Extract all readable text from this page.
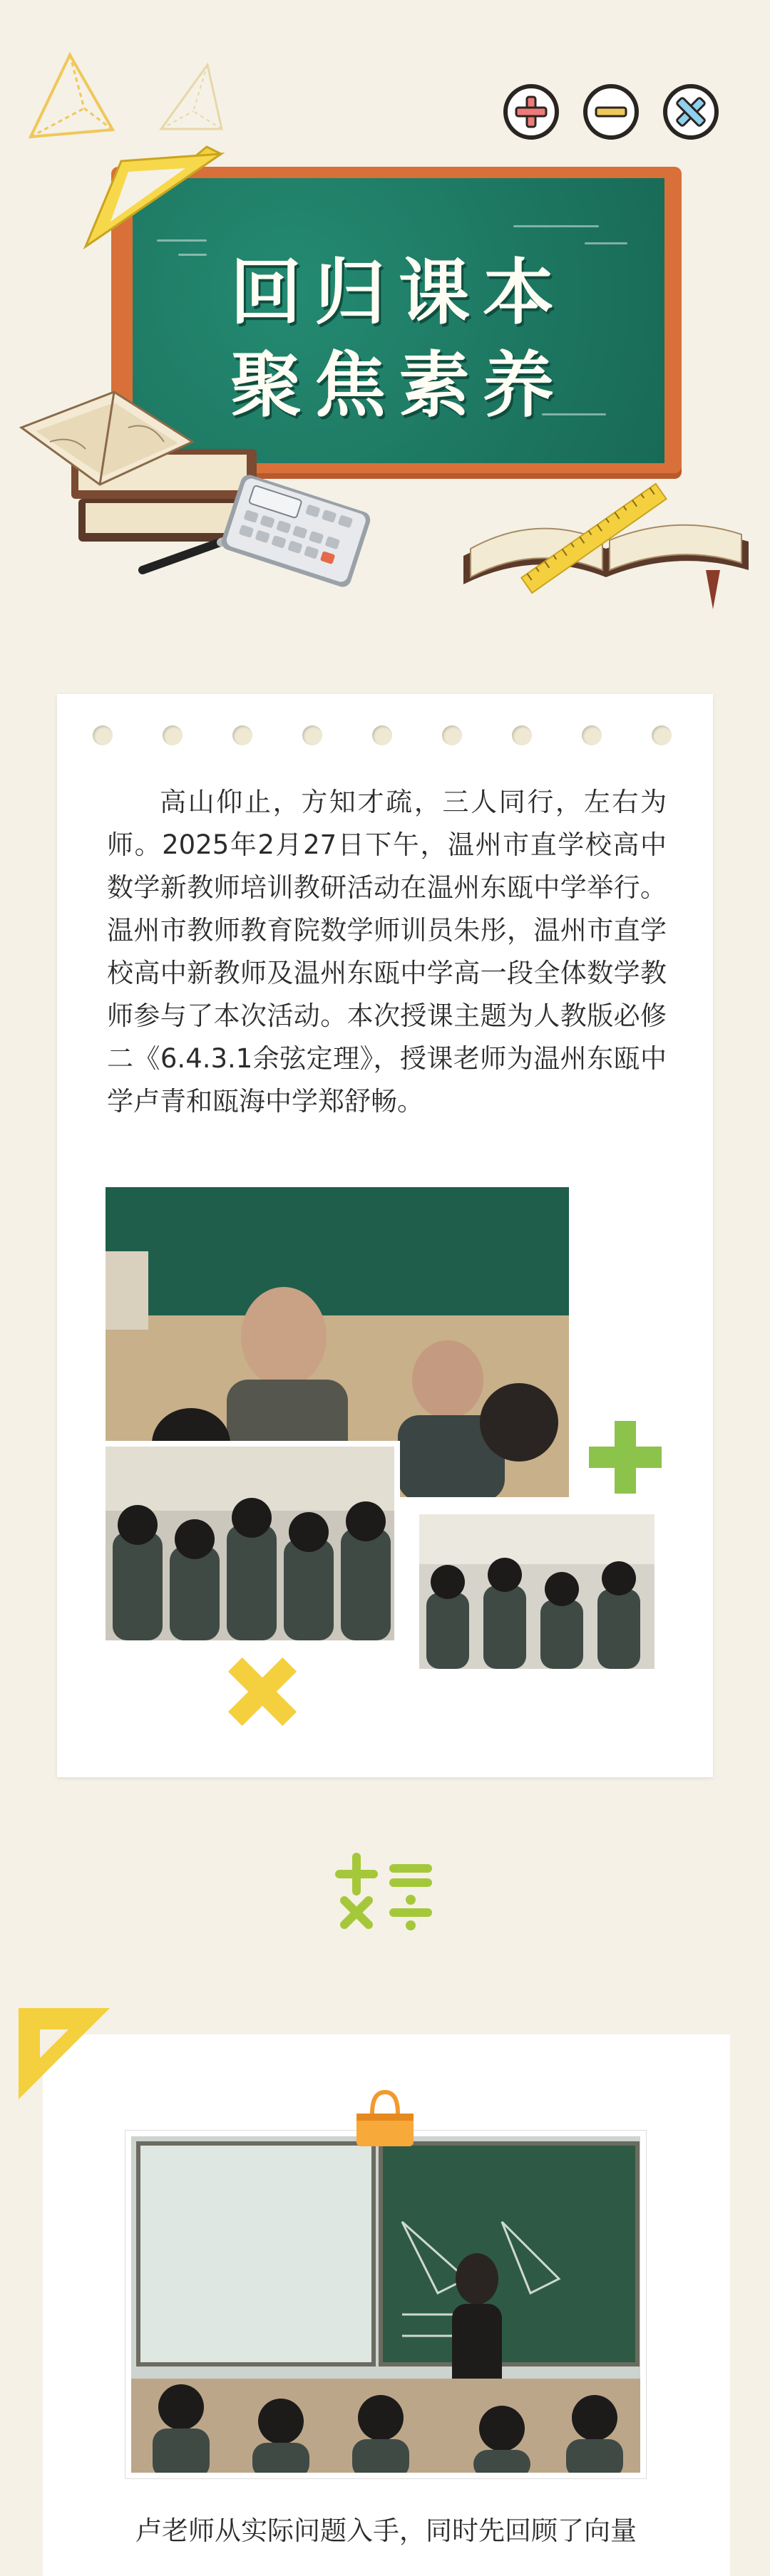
回归课本
聚焦素养

高山仰止，方知才疏，三人同行，左右为师。2025年2月27日下午，温州市直学校高中数学新教师培训教研活动在温州东瓯中学举行。温州市教师教育院数学师训员朱彤，温州市直学校高中新教师及温州东瓯中学高一段全体数学教师参与了本次活动。本次授课主题为人教版必修二《6.4.3.1余弦定理》，授课老师为温州东瓯中学卢青和瓯海中学郑舒畅。

卢老师从实际问题入手，同时先回顾了向量
